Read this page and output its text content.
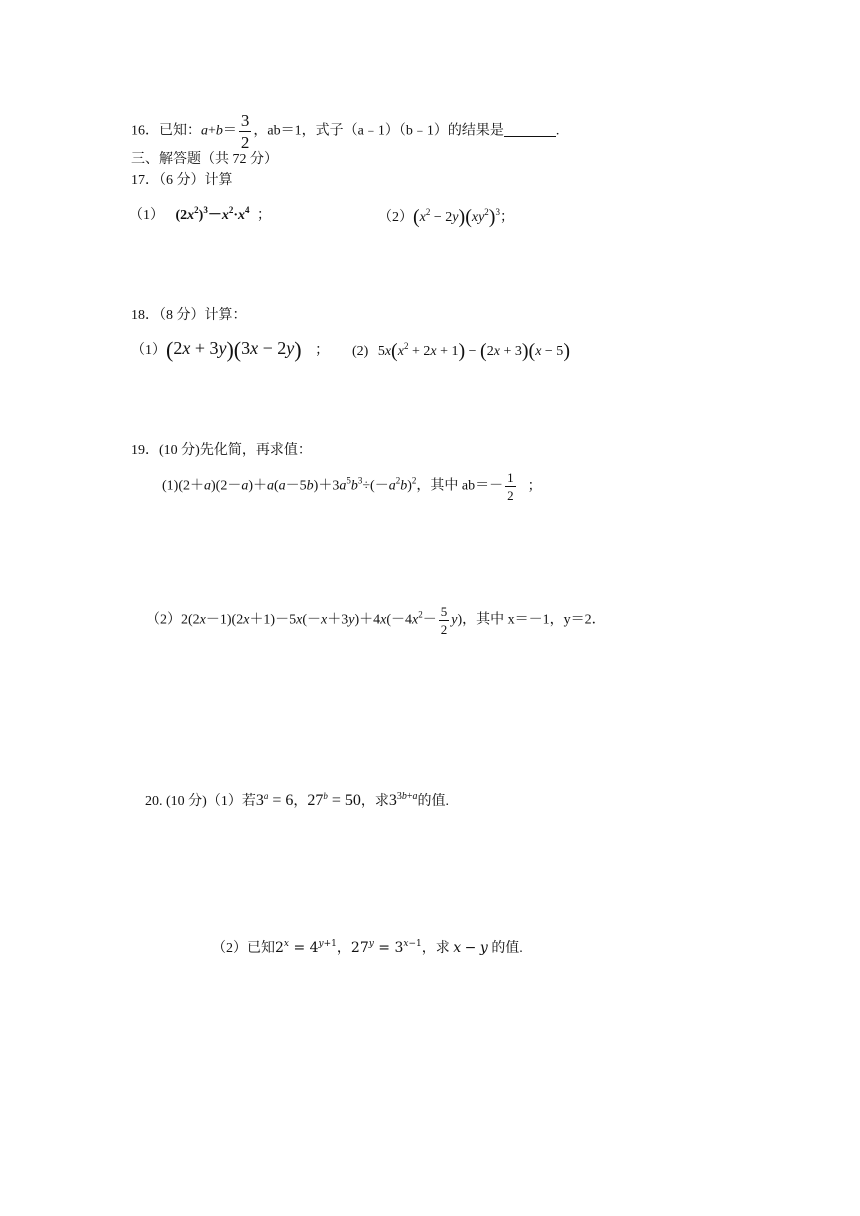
16．已知：$a+b= \frac{3}{2}$ ，ab＝1，式子（a﹣1）（b﹣1）的结果是	.
三、解答题（共 72 分）
17．（6 分）计算
（1） $(2x^2)^3-x^2\cdot x^4$ ；	$(2)(x^2 - 2y)(xy^2)^3$；
18．（8 分）计算：
（1）(2x + 3y)(3x − 2y) ； (2) $5x(x^2 + 2x + 1) - (2x + 3)(x - 5)$
19．(10 分)先化简，再求值：
$(1)(2+a)(2-a)+a(a-5b)+3a^5b^3\div(-a^2b)^2$，其中 $ab=- \frac{1}{2}$ ；
$(2)2(2x-1)(2x+1)-5x(-x+3y)+4x(-4x^2- \frac{5}{2} y)$，其中 x＝－1，y＝2．
20. (10 分)（1）若$3^a = 6$，$27^b = 50$，求$3^{3b+a}$的值.
（2）已知$2^x = 4^{y+1}$，$27^y = 3^{x-1}$，求 x − y 的值.
